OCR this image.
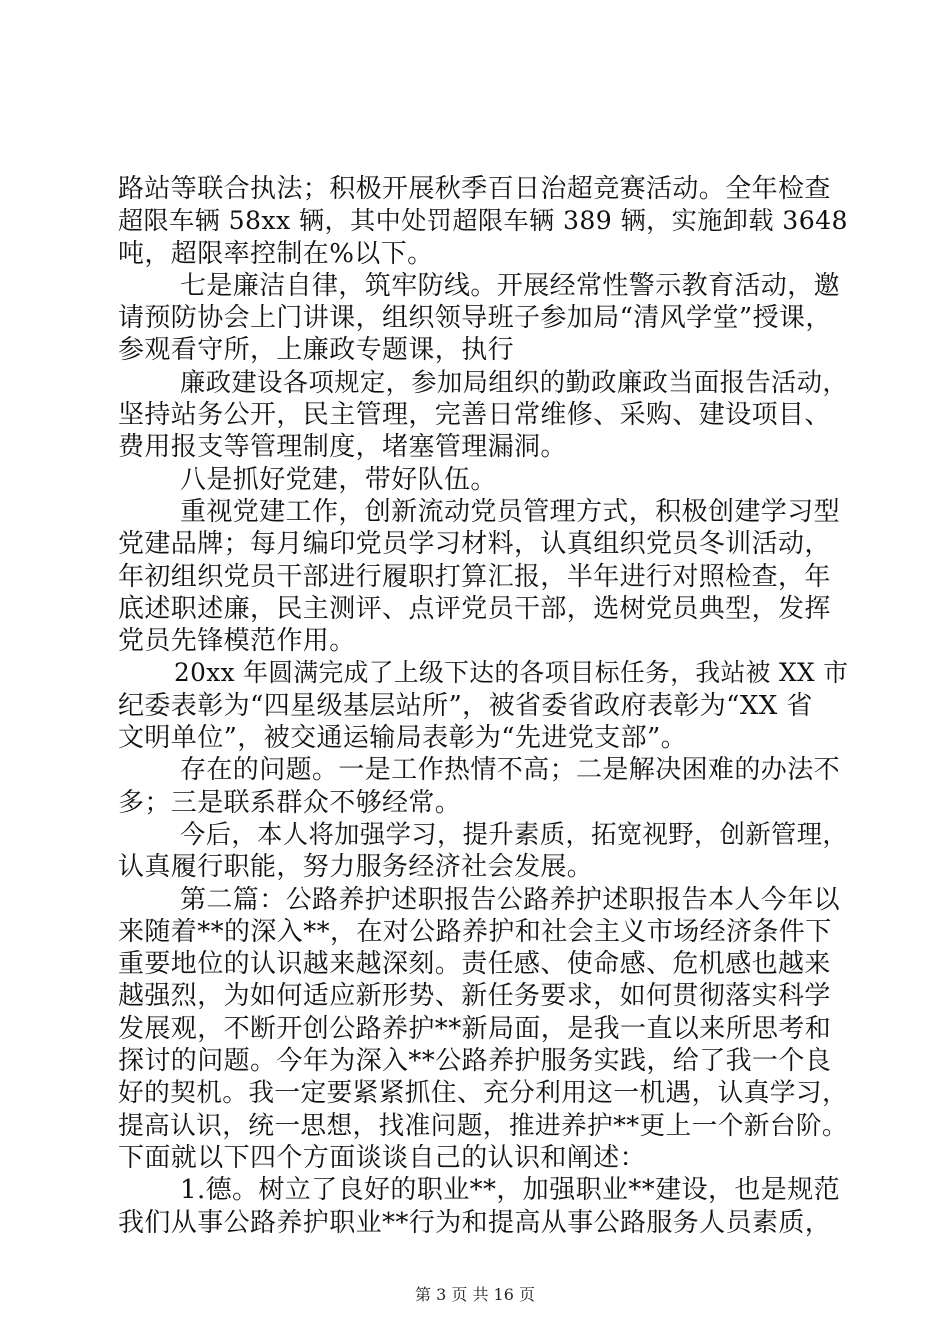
路站等联合执法；积极开展秋季百日治超竞赛活动。全年检查
超限车辆 58xx 辆，其中处罚超限车辆 389 辆，实施卸载 3648
吨，超限率控制在%以下。
七是廉洁自律，筑牢防线。开展经常性警示教育活动，邀
请预防协会上门讲课，组织领导班子参加局“清风学堂”授课，
参观看守所，上廉政专题课，执行
廉政建设各项规定，参加局组织的勤政廉政当面报告活动，
坚持站务公开，民主管理，完善日常维修、采购、建设项目、
费用报支等管理制度，堵塞管理漏洞。
八是抓好党建，带好队伍。
重视党建工作，创新流动党员管理方式，积极创建学习型
党建品牌；每月编印党员学习材料，认真组织党员冬训活动，
年初组织党员干部进行履职打算汇报，半年进行对照检查，年
底述职述廉，民主测评、点评党员干部，选树党员典型，发挥
党员先锋模范作用。
20xx 年圆满完成了上级下达的各项目标任务，我站被 XX 市
纪委表彰为“四星级基层站所”，被省委省政府表彰为“XX 省
文明单位”，被交通运输局表彰为“先进党支部”。
存在的问题。一是工作热情不高；二是解决困难的办法不
多；三是联系群众不够经常。
今后，本人将加强学习，提升素质，拓宽视野，创新管理，
认真履行职能，努力服务经济社会发展。
第二篇：公路养护述职报告公路养护述职报告本人今年以
来随着**的深入**，在对公路养护和社会主义市场经济条件下
重要地位的认识越来越深刻。责任感、使命感、危机感也越来
越强烈，为如何适应新形势、新任务要求，如何贯彻落实科学
发展观，不断开创公路养护**新局面，是我一直以来所思考和
探讨的问题。今年为深入**公路养护服务实践，给了我一个良
好的契机。我一定要紧紧抓住、充分利用这一机遇，认真学习，
提高认识，统一思想，找准问题，推进养护**更上一个新台阶。
下面就以下四个方面谈谈自己的认识和阐述：
1.德。树立了良好的职业**，加强职业**建设，也是规范
我们从事公路养护职业**行为和提高从事公路服务人员素质，
第 3 页 共 16 页
